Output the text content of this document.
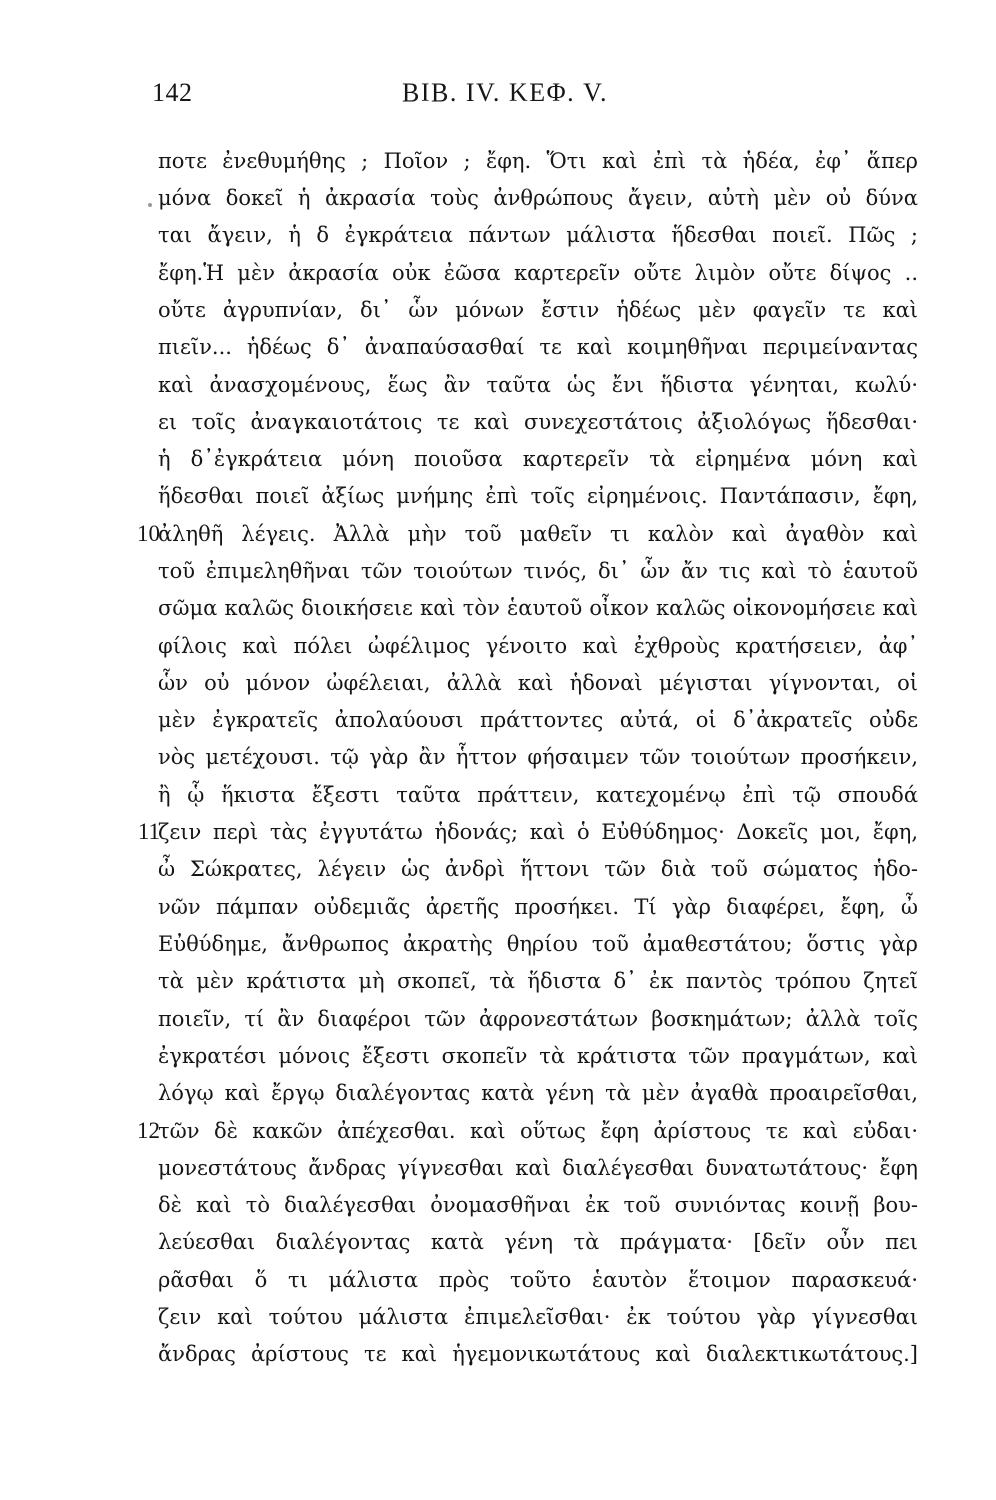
142	ΒΙΒ. IV. ΚΕΦ. V.
ποτε ἐνεθυμήθης ; Ποῖον ; ἔφη. Ὅτι καὶ ἐπὶ τὰ ἡδέα, ἐφ᾽ ἅπερ
μόνα δοκεῖ ἡ ἀκρασία τοὺς ἀνθρώπους ἄγειν, αὐτὴ μὲν οὐ δύνα
ται ἄγειν, ἡ δ ἐγκράτεια πάντων μάλιστα ἥδεσθαι ποιεῖ. Πῶς ;
ἔφη.Ἡ μὲν ἀκρασία οὐκ ἐῶσα καρτερεῖν οὔτε λιμὸν οὔτε δίψος ..
οὔτε ἀγρυπνίαν, δι᾽ ὧν μόνων ἔστιν ἡδέως μὲν φαγεῖν τε καὶ
πιεῖν... ἡδέως δ᾽ ἀναπαύσασθαί τε καὶ κοιμηθῆναι περιμείναντας
καὶ ἀνασχομένους, ἕως ἂν ταῦτα ὡς ἔνι ἥδιστα γένηται, κωλύ·
ει τοῖς ἀναγκαιοτάτοις τε καὶ συνεχεστάτοις ἀξιολόγως ἥδεσθαι·
ἡ δ᾽ἐγκράτεια μόνη ποιοῦσα καρτερεῖν τὰ εἰρημένα μόνη καὶ
ἥδεσθαι ποιεῖ ἀξίως μνήμης ἐπὶ τοῖς εἰρημένοις. Παντάπασιν, ἔφη,
10
ἀληθῆ λέγεις. Ἀλλὰ μὴν τοῦ μαθεῖν τι καλὸν καὶ ἀγαθὸν καὶ
τοῦ ἐπιμεληθῆναι τῶν τοιούτων τινός, δι᾽ ὧν ἄν τις καὶ τὸ ἑαυτοῦ
σῶμα καλῶς διοικήσειε καὶ τὸν ἑαυτοῦ οἶκον καλῶς οἰκονομήσειε καὶ
φίλοις καὶ πόλει ὠφέλιμος γένοιτο καὶ ἐχθροὺς κρατήσειεν, ἀφ᾽
ὧν οὐ μόνον ὠφέλειαι, ἀλλὰ καὶ ἡδοναὶ μέγισται γίγνονται, οἱ
μὲν ἐγκρατεῖς ἀπολαύουσι πράττοντες αὐτά, οἱ δ᾽ἀκρατεῖς οὐδε
νὸς μετέχουσι. τῷ γὰρ ἂν ἧττον φήσαιμεν τῶν τοιούτων προσήκειν,
ἢ ᾧ ἥκιστα ἔξεστι ταῦτα πράττειν, κατεχομένῳ ἐπὶ τῷ σπουδά
11
ζειν περὶ τὰς ἐγγυτάτω ἡδονάς; καὶ ὁ Εὐθύδημος· Δοκεῖς μοι, ἔφη,
ὦ Σώκρατες, λέγειν ὡς ἀνδρὶ ἥττονι τῶν διὰ τοῦ σώματος ἡδο-
νῶν πάμπαν οὐδεμιᾶς ἀρετῆς προσήκει. Τί γὰρ διαφέρει, ἔφη, ὦ
Εὐθύδημε, ἄνθρωπος ἀκρατὴς θηρίου τοῦ ἀμαθεστάτου; ὅστις γὰρ
τὰ μὲν κράτιστα μὴ σκοπεῖ, τὰ ἥδιστα δ᾽ ἐκ παντὸς τρόπου ζητεῖ
ποιεῖν, τί ἂν διαφέροι τῶν ἀφρονεστάτων βοσκημάτων; ἀλλὰ τοῖς
ἐγκρατέσι μόνοις ἔξεστι σκοπεῖν τὰ κράτιστα τῶν πραγμάτων, καὶ
λόγῳ καὶ ἔργῳ διαλέγοντας κατὰ γένη τὰ μὲν ἀγαθὰ προαιρεῖσθαι,
12
τῶν δὲ κακῶν ἀπέχεσθαι. καὶ οὕτως ἔφη ἀρίστους τε καὶ εὐδαι·
μονεστάτους ἄνδρας γίγνεσθαι καὶ διαλέγεσθαι δυνατωτάτους· ἔφη
δὲ καὶ τὸ διαλέγεσθαι ὀνομασθῆναι ἐκ τοῦ συνιόντας κοινῇ βου-
λεύεσθαι διαλέγοντας κατὰ γένη τὰ πράγματα· [δεῖν οὖν πει
ρᾶσθαι ὅ τι μάλιστα πρὸς τοῦτο ἑαυτὸν ἕτοιμον παρασκευά·
ζειν καὶ τούτου μάλιστα ἐπιμελεῖσθαι· ἐκ τούτου γὰρ γίγνεσθαι
ἄνδρας ἀρίστους τε καὶ ἡγεμονικωτάτους καὶ διαλεκτικωτάτους.]
